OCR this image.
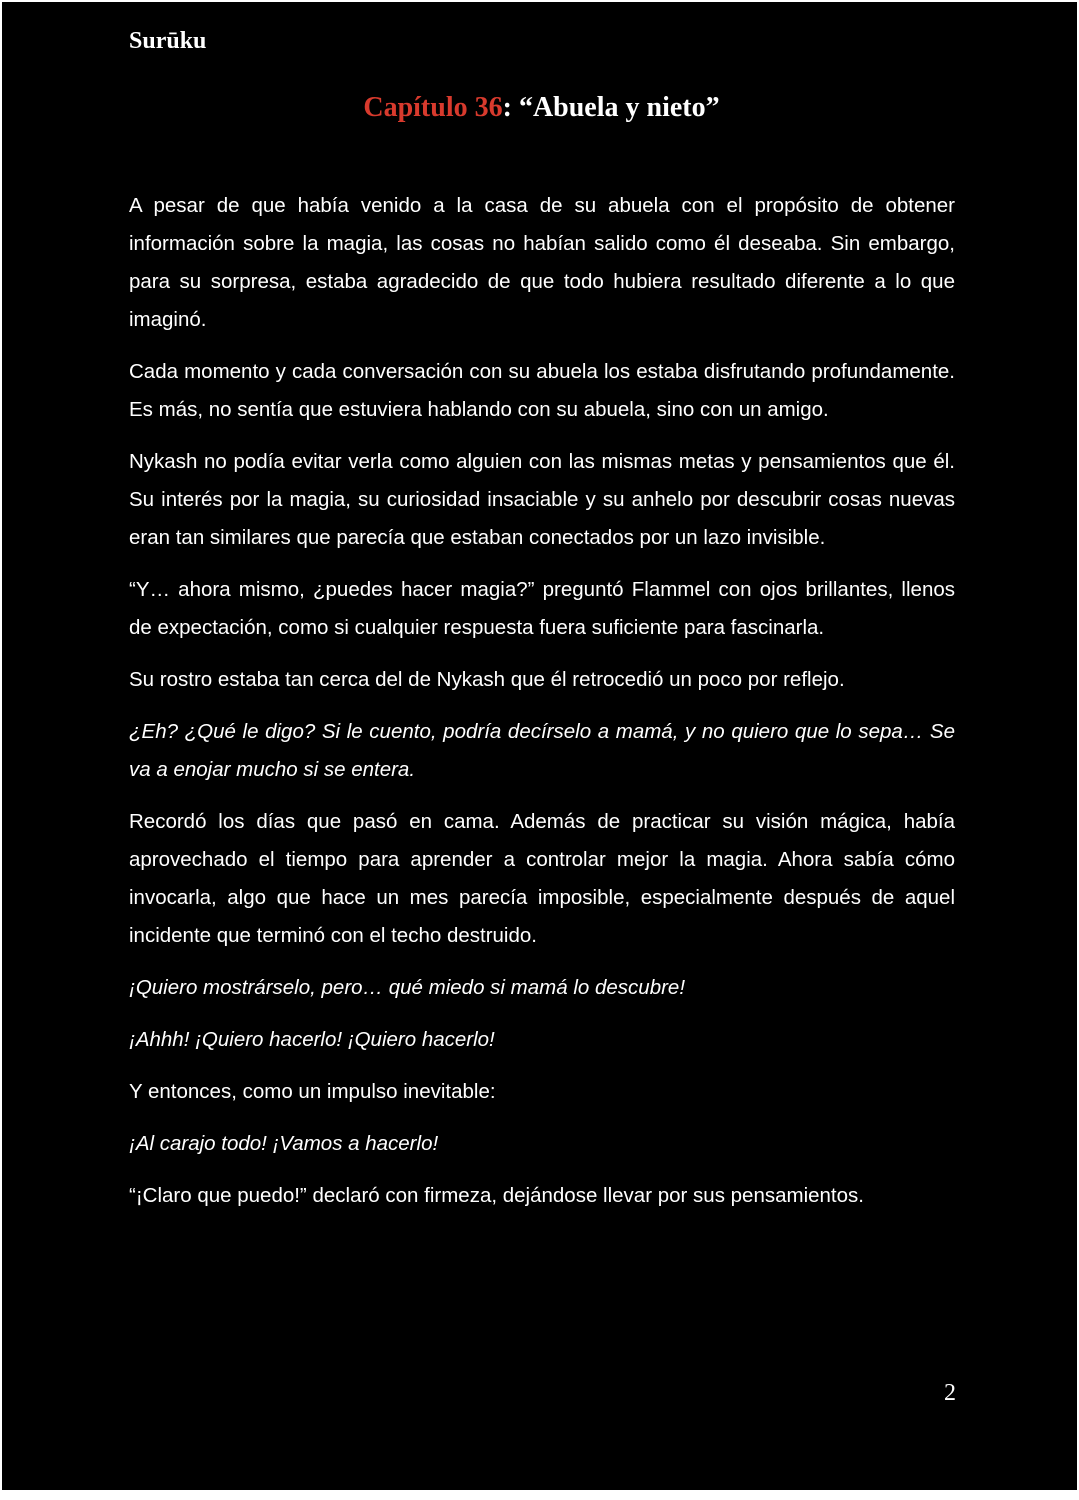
Surūku
Capítulo 36: “Abuela y nieto”

A pesar de que había venido a la casa de su abuela con el propósito de obtener información sobre la magia, las cosas no habían salido como él deseaba. Sin embargo, para su sorpresa, estaba agradecido de que todo hubiera resultado diferente a lo que imaginó.

Cada momento y cada conversación con su abuela los estaba disfrutando profundamente. Es más, no sentía que estuviera hablando con su abuela, sino con un amigo.

Nykash no podía evitar verla como alguien con las mismas metas y pensamientos que él. Su interés por la magia, su curiosidad insaciable y su anhelo por descubrir cosas nuevas eran tan similares que parecía que estaban conectados por un lazo invisible.

“Y… ahora mismo, ¿puedes hacer magia?” preguntó Flammel con ojos brillantes, llenos de expectación, como si cualquier respuesta fuera suficiente para fascinarla.

Su rostro estaba tan cerca del de Nykash que él retrocedió un poco por reflejo.

¿Eh? ¿Qué le digo? Si le cuento, podría decírselo a mamá, y no quiero que lo sepa… Se va a enojar mucho si se entera.

Recordó los días que pasó en cama. Además de practicar su visión mágica, había aprovechado el tiempo para aprender a controlar mejor la magia. Ahora sabía cómo invocarla, algo que hace un mes parecía imposible, especialmente después de aquel incidente que terminó con el techo destruido.

¡Quiero mostrárselo, pero… qué miedo si mamá lo descubre!

¡Ahhh! ¡Quiero hacerlo! ¡Quiero hacerlo!

Y entonces, como un impulso inevitable:

¡Al carajo todo! ¡Vamos a hacerlo!

“¡Claro que puedo!” declaró con firmeza, dejándose llevar por sus pensamientos.

2
